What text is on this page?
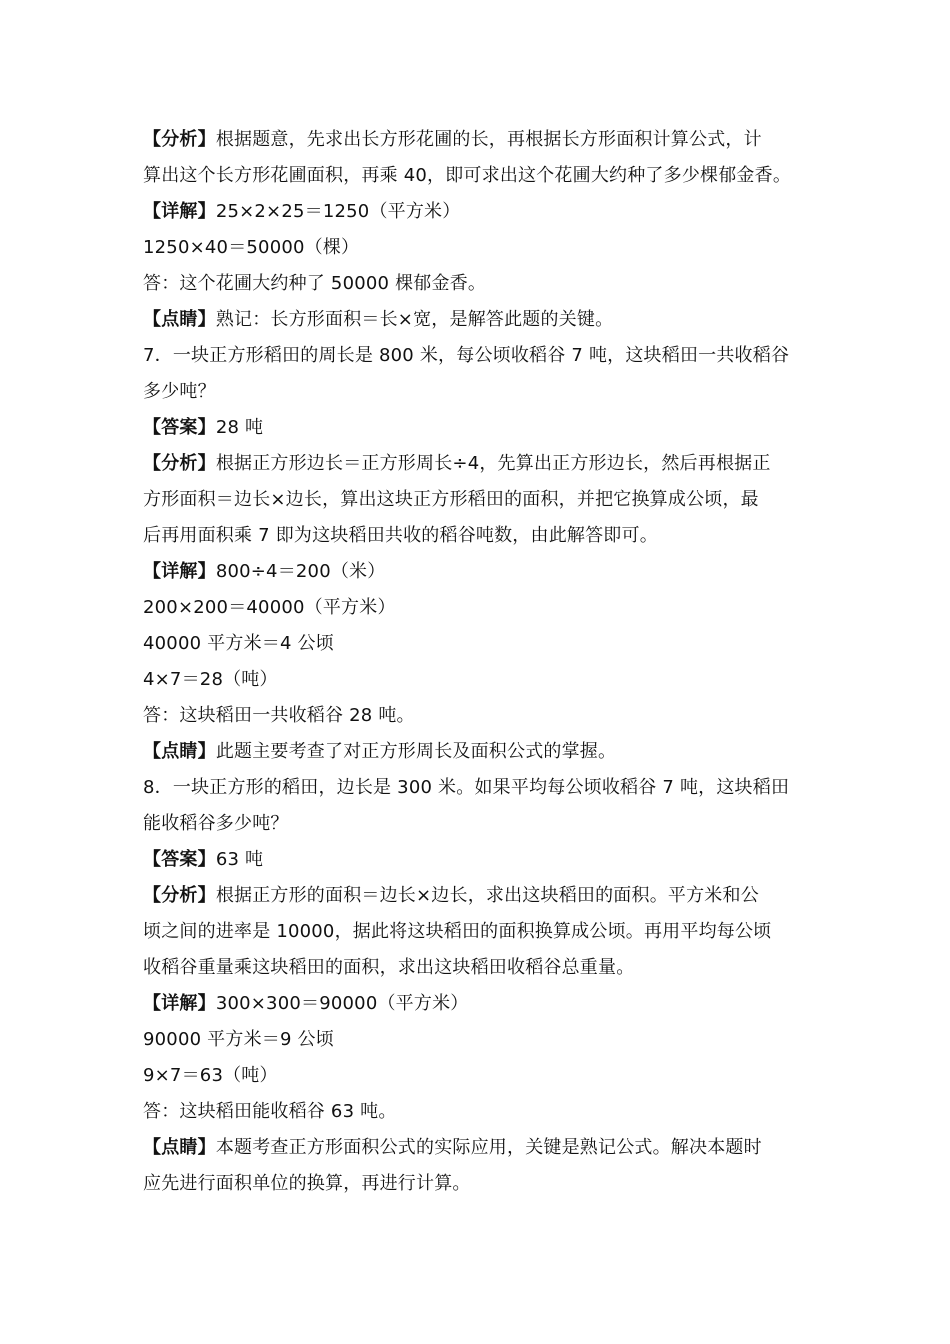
【分析】根据题意，先求出长方形花圃的长，再根据长方形面积计算公式，计
算出这个长方形花圃面积，再乘 40，即可求出这个花圃大约种了多少棵郁金香。
【详解】25×2×25＝1250（平方米）
1250×40＝50000（棵）
答：这个花圃大约种了 50000 棵郁金香。
【点睛】熟记：长方形面积＝长×宽，是解答此题的关键。
7．一块正方形稻田的周长是 800 米，每公顷收稻谷 7 吨，这块稻田一共收稻谷
多少吨？
【答案】28 吨
【分析】根据正方形边长＝正方形周长÷4，先算出正方形边长，然后再根据正
方形面积＝边长×边长，算出这块正方形稻田的面积，并把它换算成公顷，最
后再用面积乘 7 即为这块稻田共收的稻谷吨数，由此解答即可。
【详解】800÷4＝200（米）
200×200＝40000（平方米）
40000 平方米＝4 公顷
4×7＝28（吨）
答：这块稻田一共收稻谷 28 吨。
【点睛】此题主要考查了对正方形周长及面积公式的掌握。
8．一块正方形的稻田，边长是 300 米。如果平均每公顷收稻谷 7 吨，这块稻田
能收稻谷多少吨？
【答案】63 吨
【分析】根据正方形的面积＝边长×边长，求出这块稻田的面积。平方米和公
顷之间的进率是 10000，据此将这块稻田的面积换算成公顷。再用平均每公顷
收稻谷重量乘这块稻田的面积，求出这块稻田收稻谷总重量。
【详解】300×300＝90000（平方米）
90000 平方米＝9 公顷
9×7＝63（吨）
答：这块稻田能收稻谷 63 吨。
【点睛】本题考查正方形面积公式的实际应用，关键是熟记公式。解决本题时
应先进行面积单位的换算，再进行计算。
